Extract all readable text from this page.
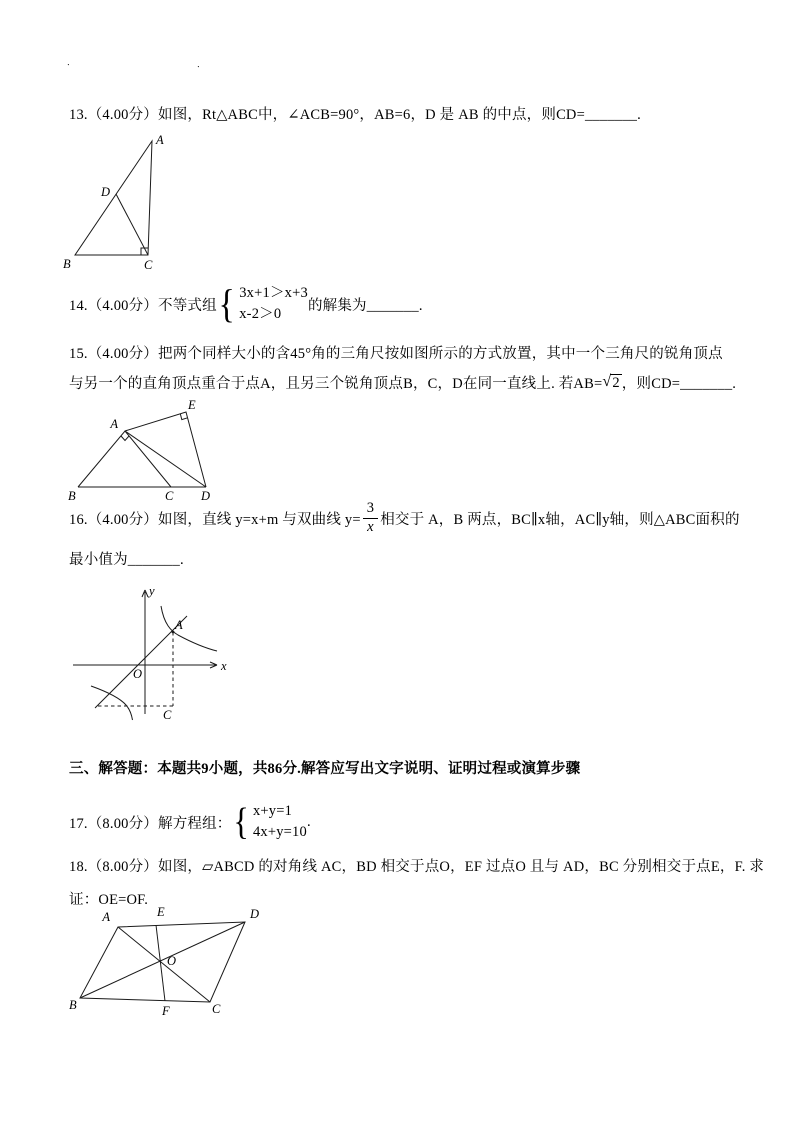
．	．
13.（4.00分）如图，Rt△ABC中，∠ACB=90°，AB=6，D 是 AB 的中点，则CD=_______.
A
B	C
D
14.（4.00分）不等式组 { 3x+1＞x+3
x-2＞0
的解集为_______.
15.（4.00分）把两个同样大小的含45°角的三角尺按如图所示的方式放置，其中一个三角尺的锐角顶点
与另一个的直角顶点重合于点A，且另三个锐角顶点B，C，D在同一直线上. 若AB= √ 2 ，则CD=_______.
A
E
B	C D
16.（4.00分）如图，直线 y=x+m 与双曲线 $y= \frac{3}{x}$ 相交于 A，B 两点，BC∥x轴，AC∥y轴，则△ABC面积的
最小值为_______.
y
x
O
A
C
三、解答题：本题共9小题，共86分.解答应写出文字说明、证明过程或演算步骤
17.（8.00分）解方程组： { x+y=1
4x+y=10
.
18.（8.00分）如图，▱ABCD 的对角线 AC，BD 相交于点O，EF 过点O 且与 AD，BC 分别相交于点E，F. 求
证：OE=OF.
A	D
B	C
O
E
F
